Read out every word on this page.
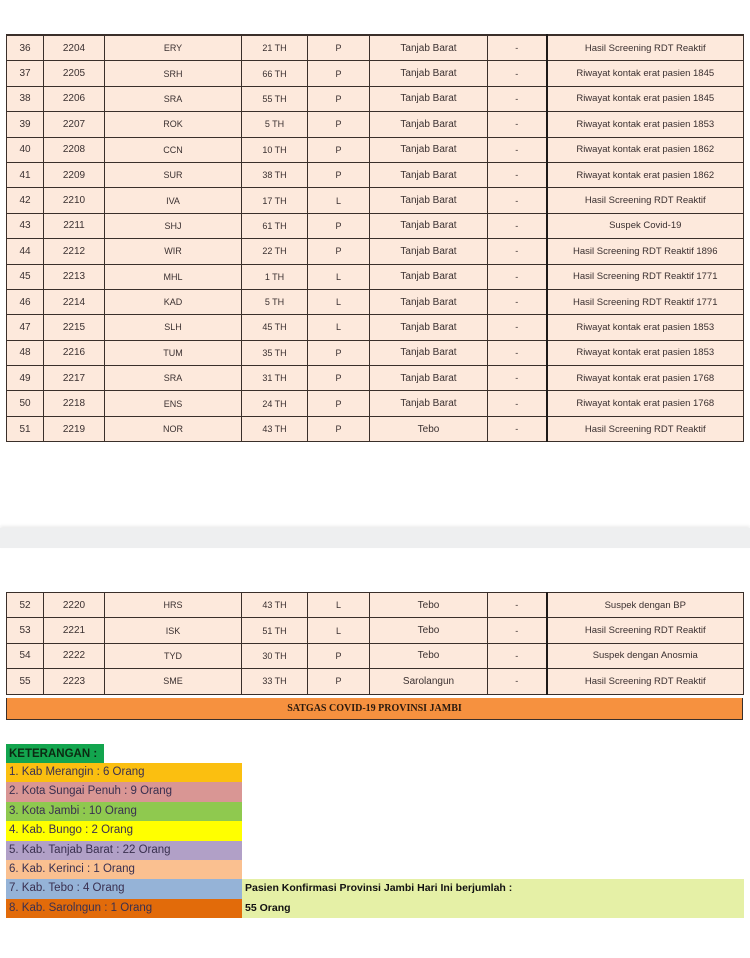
36	2204	ERY	21 TH	P	Tanjab Barat	-	Hasil Screening RDT Reaktif
37	2205	SRH	66 TH	P	Tanjab Barat	-	Riwayat kontak erat pasien 1845
38	2206	SRA	55 TH	P	Tanjab Barat	-	Riwayat kontak erat pasien 1845
39	2207	ROK	5 TH	P	Tanjab Barat	-	Riwayat kontak erat pasien 1853
40	2208	CCN	10 TH	P	Tanjab Barat	-	Riwayat kontak erat pasien 1862
41	2209	SUR	38 TH	P	Tanjab Barat	-	Riwayat kontak erat pasien 1862
42	2210	IVA	17 TH	L	Tanjab Barat	-	Hasil Screening RDT Reaktif
43	2211	SHJ	61 TH	P	Tanjab Barat	-	Suspek Covid-19
44	2212	WIR	22 TH	P	Tanjab Barat	-	Hasil Screening RDT Reaktif 1896
45	2213	MHL	1 TH	L	Tanjab Barat	-	Hasil Screening RDT Reaktif 1771
46	2214	KAD	5 TH	L	Tanjab Barat	-	Hasil Screening RDT Reaktif 1771
47	2215	SLH	45 TH	L	Tanjab Barat	-	Riwayat kontak erat pasien 1853
48	2216	TUM	35 TH	P	Tanjab Barat	-	Riwayat kontak erat pasien 1853
49	2217	SRA	31 TH	P	Tanjab Barat	-	Riwayat kontak erat pasien 1768
50	2218	ENS	24 TH	P	Tanjab Barat	-	Riwayat kontak erat pasien 1768
51	2219	NOR	43 TH	P	Tebo	-	Hasil Screening RDT Reaktif
52	2220	HRS	43 TH	L	Tebo	-	Suspek dengan BP
53	2221	ISK	51 TH	L	Tebo	-	Hasil Screening RDT Reaktif
54	2222	TYD	30 TH	P	Tebo	-	Suspek dengan Anosmia
55	2223	SME	33 TH	P	Sarolangun	-	Hasil Screening RDT Reaktif
SATGAS COVID-19 PROVINSI JAMBI
KETERANGAN :
1. Kab Merangin : 6 Orang
2. Kota Sungai Penuh : 9 Orang
3. Kota Jambi : 10 Orang
4. Kab. Bungo : 2 Orang
5. Kab. Tanjab Barat : 22 Orang
6. Kab. Kerinci : 1 Orang
7. Kab. Tebo : 4 Orang
8. Kab. Sarolngun : 1 Orang
Pasien Konfirmasi Provinsi Jambi Hari Ini berjumlah :
55 Orang
